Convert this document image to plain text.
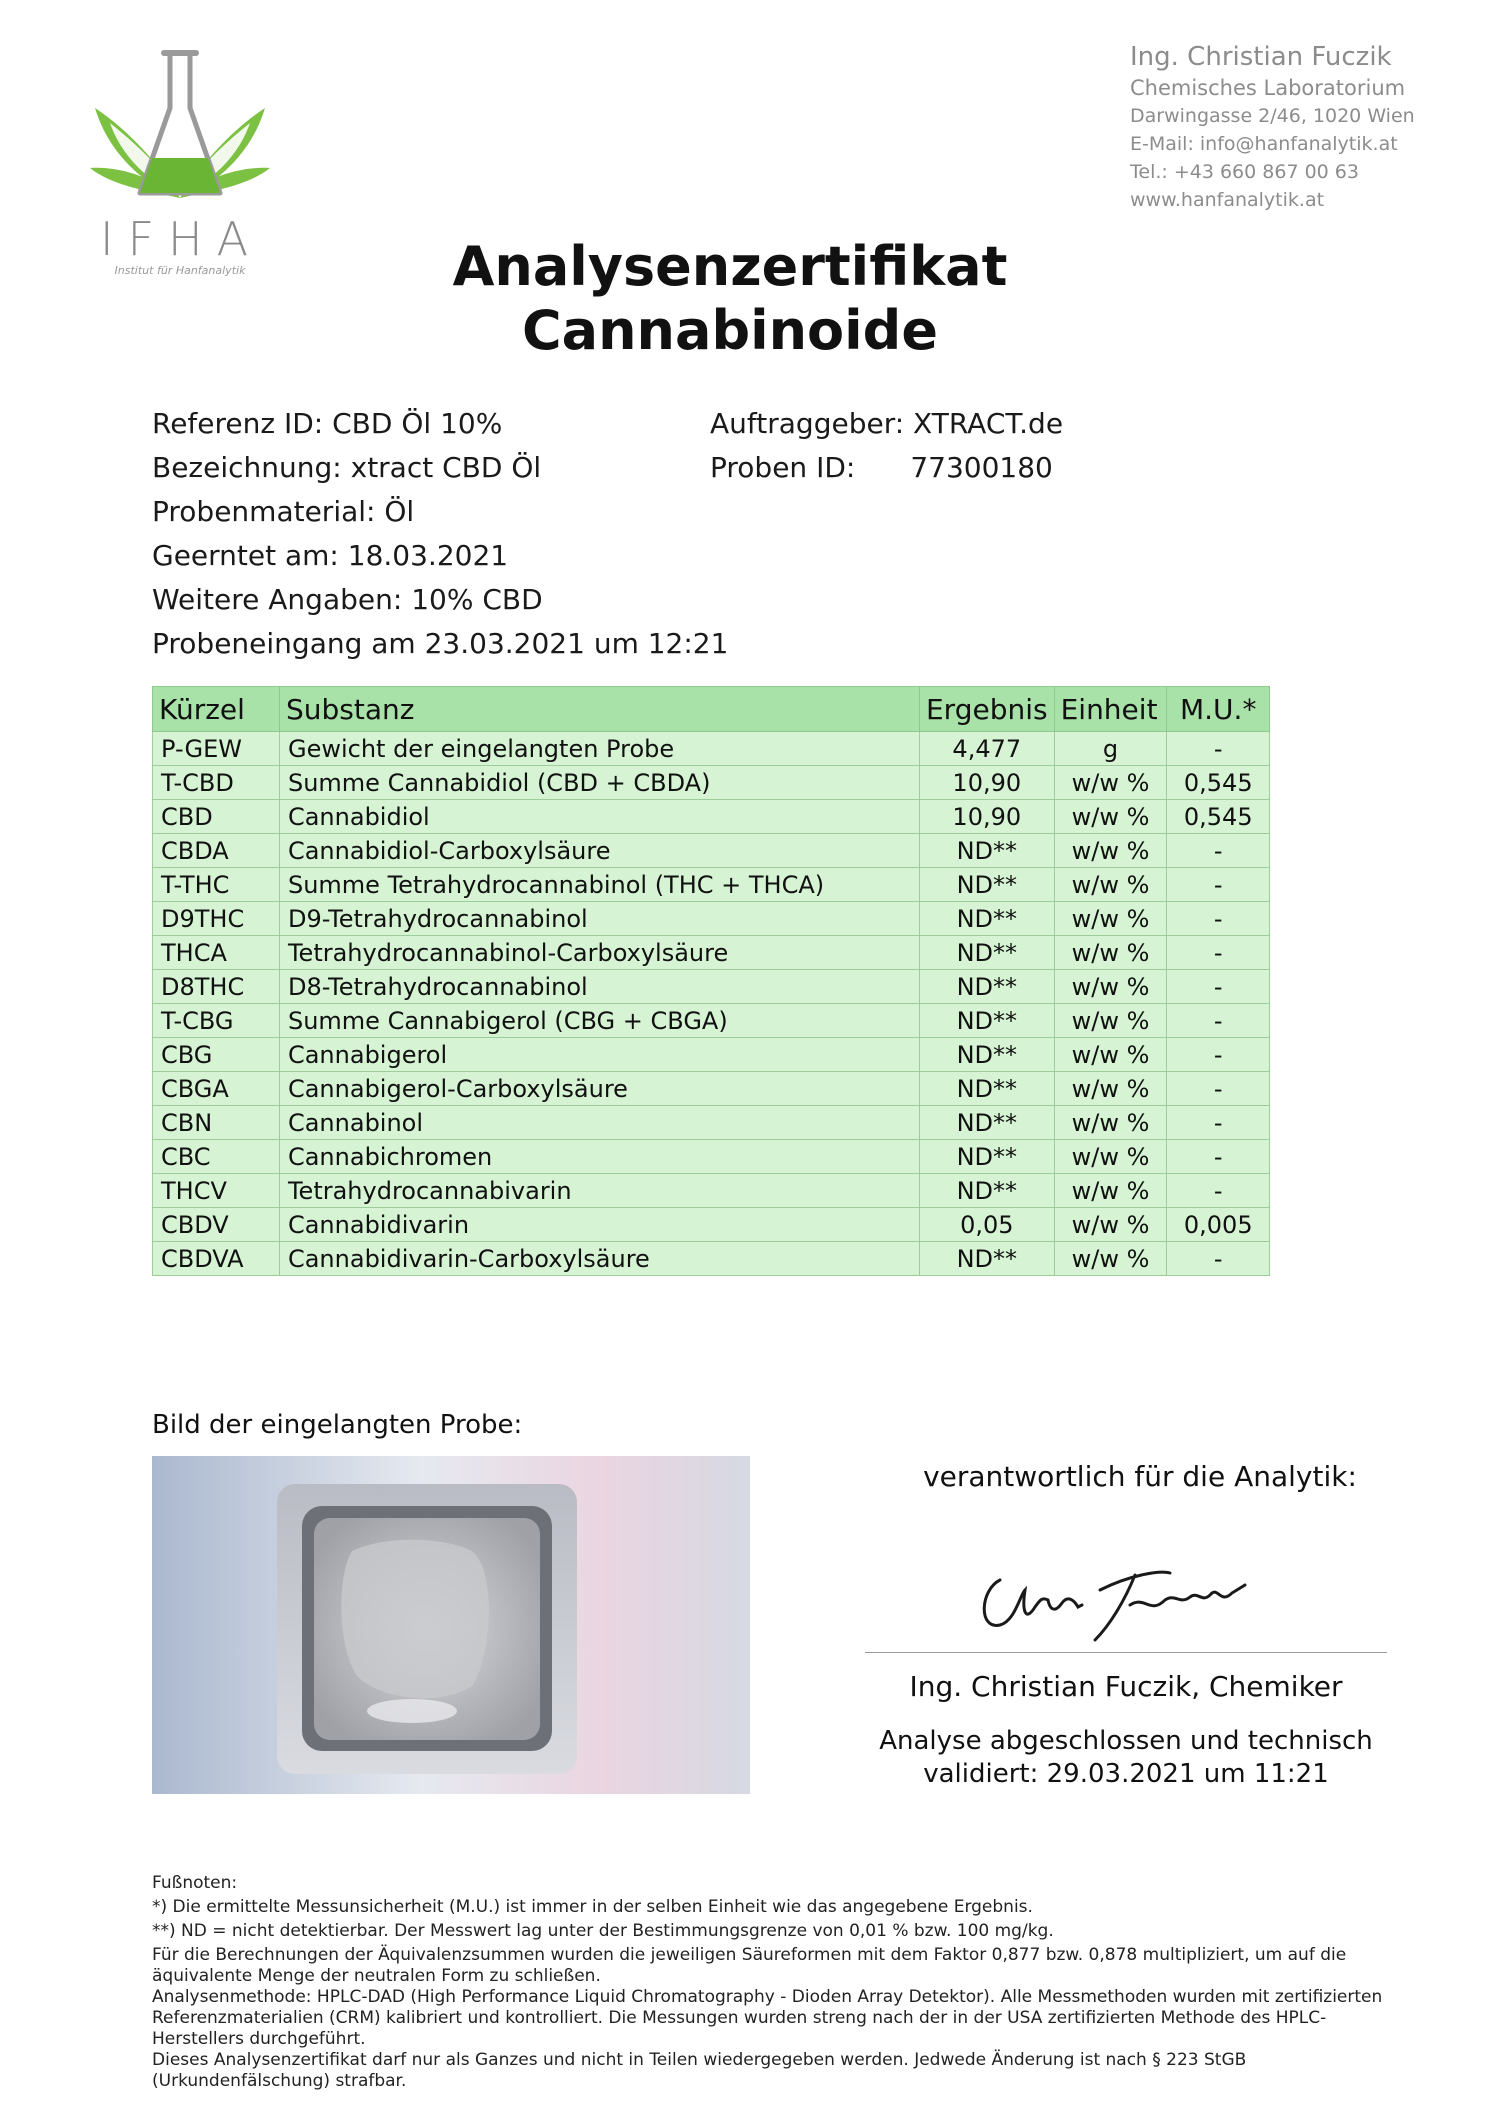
IFHA
Institut für Hanfanalytik
Ing. Christian Fuczik
Chemisches Laboratorium
Darwingasse 2/46, 1020 Wien
E-Mail: info@hanfanalytik.at
Tel.: +43 660 867 00 63
www.hanfanalytik.at
Analysenzertifikat
Cannabinoide
Referenz ID: CBD Öl 10%
Bezeichnung: xtract CBD Öl
Probenmaterial: Öl
Geerntet am: 18.03.2021
Weitere Angaben: 10% CBD
Probeneingang am 23.03.2021 um 12:21
Auftraggeber: XTRACT.de
Proben ID: 77300180
Kürzel	Substanz	Ergebnis	Einheit	M.U.*
P-GEW	Gewicht der eingelangten Probe	4,477	g	-
T-CBD	Summe Cannabidiol (CBD + CBDA)	10,90	w/w %	0,545
CBD	Cannabidiol	10,90	w/w %	0,545
CBDA	Cannabidiol-Carboxylsäure	ND**	w/w %	-
T-THC	Summe Tetrahydrocannabinol (THC + THCA)	ND**	w/w %	-
D9THC	D9-Tetrahydrocannabinol	ND**	w/w %	-
THCA	Tetrahydrocannabinol-Carboxylsäure	ND**	w/w %	-
D8THC	D8-Tetrahydrocannabinol	ND**	w/w %	-
T-CBG	Summe Cannabigerol (CBG + CBGA)	ND**	w/w %	-
CBG	Cannabigerol	ND**	w/w %	-
CBGA	Cannabigerol-Carboxylsäure	ND**	w/w %	-
CBN	Cannabinol	ND**	w/w %	-
CBC	Cannabichromen	ND**	w/w %	-
THCV	Tetrahydrocannabivarin	ND**	w/w %	-
CBDV	Cannabidivarin	0,05	w/w %	0,005
CBDVA	Cannabidivarin-Carboxylsäure	ND**	w/w %	-
Bild der eingelangten Probe:
verantwortlich für die Analytik:
Ing. Christian Fuczik, Chemiker
Analyse abgeschlossen und technisch
validiert: 29.03.2021 um 11:21
Fußnoten:
*) Die ermittelte Messunsicherheit (M.U.) ist immer in der selben Einheit wie das angegebene Ergebnis.
**) ND = nicht detektierbar. Der Messwert lag unter der Bestimmungsgrenze von 0,01 % bzw. 100 mg/kg.
Für die Berechnungen der Äquivalenzsummen wurden die jeweiligen Säureformen mit dem Faktor 0,877 bzw. 0,878 multipliziert, um auf die äquivalente Menge der neutralen Form zu schließen.
Analysenmethode: HPLC-DAD (High Performance Liquid Chromatography - Dioden Array Detektor). Alle Messmethoden wurden mit zertifizierten Referenzmaterialien (CRM) kalibriert und kontrolliert. Die Messungen wurden streng nach der in der USA zertifizierten Methode des HPLC-Herstellers durchgeführt.
Dieses Analysenzertifikat darf nur als Ganzes und nicht in Teilen wiedergegeben werden. Jedwede Änderung ist nach § 223 StGB (Urkundenfälschung) strafbar.
